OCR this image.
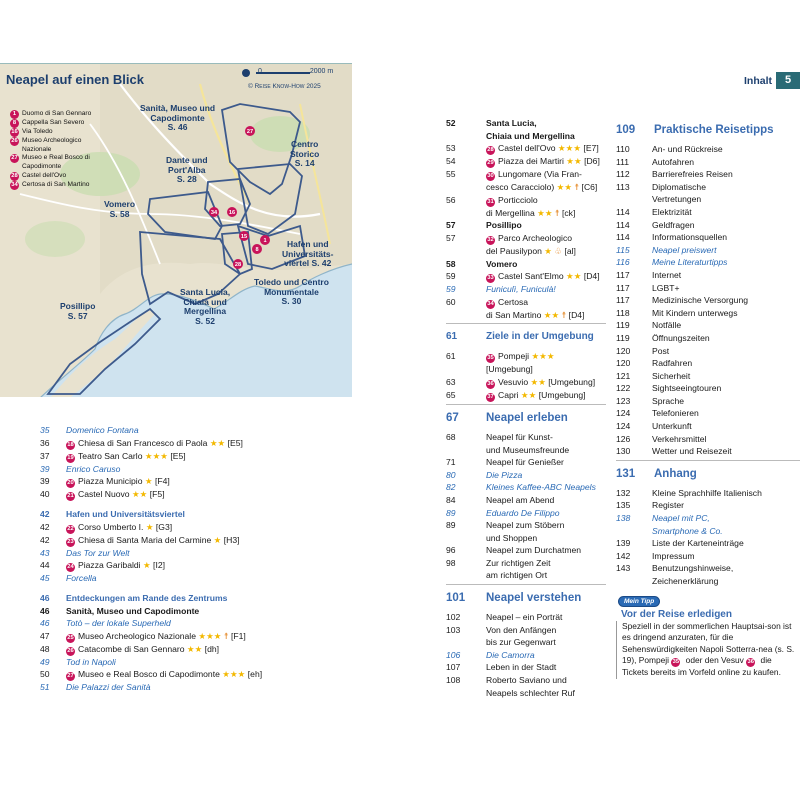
Inhalt	5
27
1
8
15
16
34
28
Neapel auf einen Blick
0	2000 m
© Reise Know-How 2025
1 Duomo di San Gennaro
8 Cappella San Severo
16 Via Toledo
26 Museo Archeologico Nazionale
27 Museo e Real Bosco di Capodimonte
28 Castel dell'Ovo
34 Certosa di San Martino
Sanità, Museo und
Capodimonte
S. 46
Centro
Storico
S. 14
Dante und
Port'Alba
S. 28
Vomero
S. 58
Hafen und
Universitäts-
viertel S. 42
Toledo und Centro
Monumentale
S. 30
Santa Lucia,
Chiaia und
Mergellina
S. 52
Posillipo
S. 57
35	Domenico Fontana
36	18 Chiesa di San Francesco di Paola ★★ [E5]
37	19 Teatro San Carlo ★★★ [E5]
39	Enrico Caruso
39	20 Piazza Municipio ★ [F4]
40	21 Castel Nuovo ★★ [F5]
42	Hafen und Universitätsviertel
42	22 Corso Umberto I. ★ [G3]
42	23 Chiesa di Santa Maria del Carmine ★ [H3]
43	Das Tor zur Welt
44	24 Piazza Garibaldi ★ [I2]
45	Forcella
46	Entdeckungen am Rande des Zentrums
46	Sanità, Museo und Capodimonte
46	Totò – der lokale Superheld
47	25 Museo Archeologico Nazionale ★★★ ☨ [F1]
48	26 Catacombe di San Gennaro ★★ [dh]
49	Tod in Napoli
50	27 Museo e Real Bosco di Capodimonte ★★★ [eh]
51	Die Palazzi der Sanità
52	Santa Lucia,
Chiaia und Mergellina
53	28 Castel dell'Ovo ★★★ [E7]
54	29 Piazza dei Martiri ★★ [D6]
55	30 Lungomare (Via Fran-
cesco Caracciolo) ★★ ☨ [C6]
56	31 Porticciolo
di Mergellina ★★ ☨ [ck]
57	Posillipo
57	32 Parco Archeologico
del Pausilypon ★ ♧ [al]
58	Vomero
59	33 Castel Sant'Elmo ★★ [D4]
59	Funiculì, Funiculà!
60	34 Certosa
di San Martino ★★ ☨ [D4]
61	Ziele in der Umgebung
61	35 Pompeji ★★★
[Umgebung]
63	36 Vesuvio ★★ [Umgebung]
65	37 Capri ★★ [Umgebung]
67	Neapel erleben
68	Neapel für Kunst-
und Museumsfreunde
71	Neapel für Genießer
80	Die Pizza
82	Kleines Kaffee-ABC Neapels
84	Neapel am Abend
89	Eduardo De Filippo
89	Neapel zum Stöbern
und Shoppen
96	Neapel zum Durchatmen
98	Zur richtigen Zeit
am richtigen Ort
101	Neapel verstehen
102	Neapel – ein Porträt
103	Von den Anfängen
bis zur Gegenwart
106	Die Camorra
107	Leben in der Stadt
108	Roberto Saviano und
Neapels schlechter Ruf
109	Praktische Reisetipps
110	An- und Rückreise
111	Autofahren
112	Barrierefreies Reisen
113	Diplomatische
Vertretungen
114	Elektrizität
114	Geldfragen
114	Informationsquellen
115	Neapel preiswert
116	Meine Literaturtipps
117	Internet
117	LGBT+
117	Medizinische Versorgung
118	Mit Kindern unterwegs
119	Notfälle
119	Öffnungszeiten
120	Post
120	Radfahren
121	Sicherheit
122	Sightseeingtouren
123	Sprache
124	Telefonieren
124	Unterkunft
126	Verkehrsmittel
130	Wetter und Reisezeit
131	Anhang
132	Kleine Sprachhilfe Italienisch
135	Register
138	Neapel mit PC,
Smartphone & Co.
139	Liste der Karteneinträge
142	Impressum
143	Benutzungshinweise,
Zeichenerklärung
Mein Tipp
Vor der Reise erledigen
Speziell in der sommerlichen Hauptsai-son ist es dringend anzuraten, für die Sehenswürdigkeiten Napoli Sotterra-nea (s. S. 19), Pompeji 35 oder den Vesuv 36 die Tickets bereits im Vorfeld online zu kaufen.
